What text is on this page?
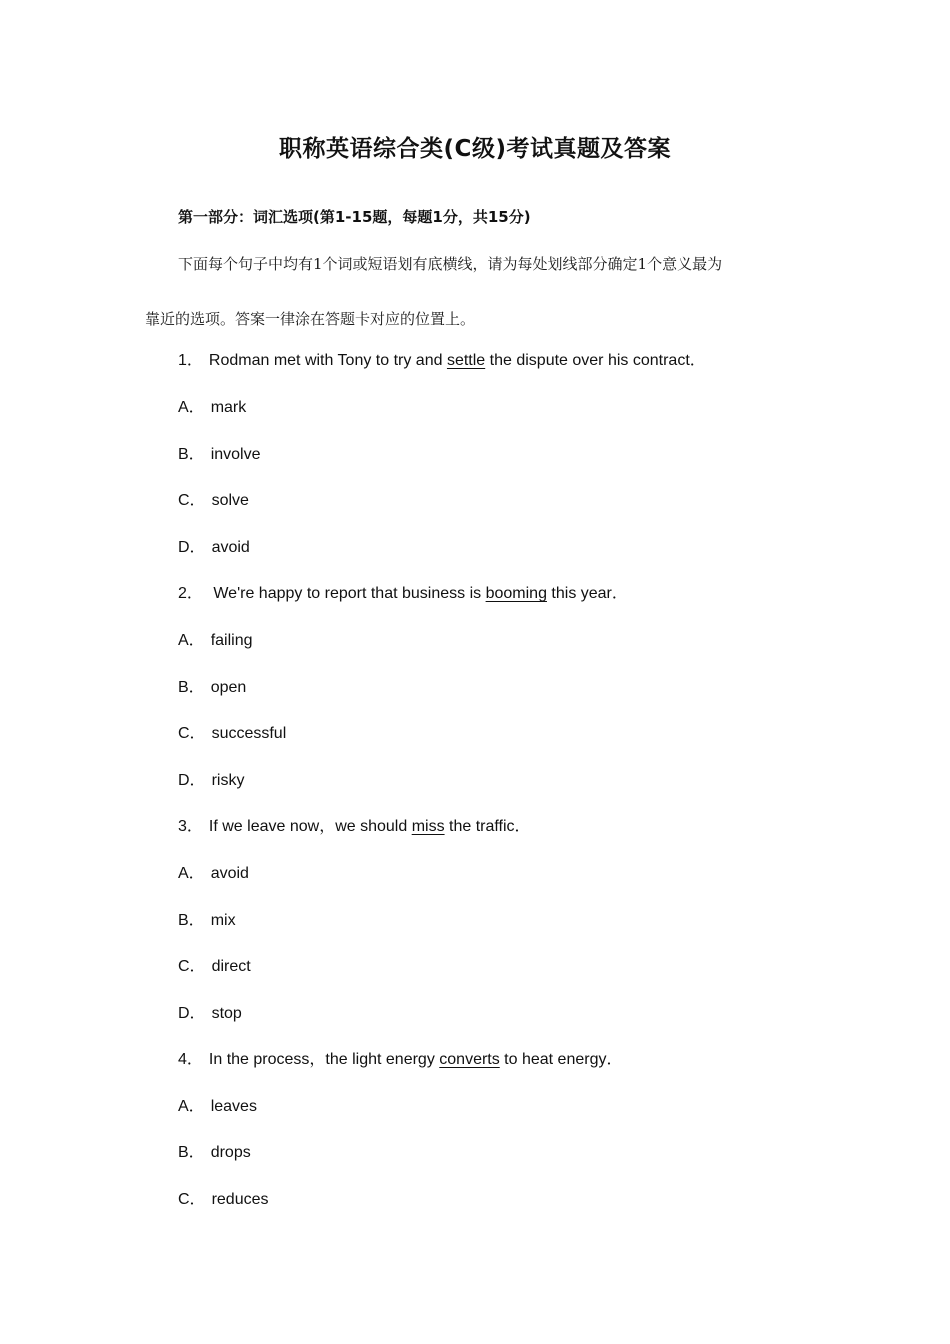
职称英语综合类(C级)考试真题及答案
第一部分：词汇选项(第1-15题，每题1分，共15分)
下面每个句子中均有1个词或短语划有底横线，请为每处划线部分确定1个意义最为
靠近的选项。答案一律涂在答题卡对应的位置上。
1． Rodman met with Tony to try and settle the dispute over his contract．
A． mark
B． involve
C． solve
D． avoid
2． We're happy to report that business is booming this year．
A． failing
B． open
C． successful
D． risky
3． If we leave now，we should miss the traffic．
A． avoid
B． mix
C． direct
D． stop
4． In the process，the light energy converts to heat energy．
A． leaves
B． drops
C． reduces
